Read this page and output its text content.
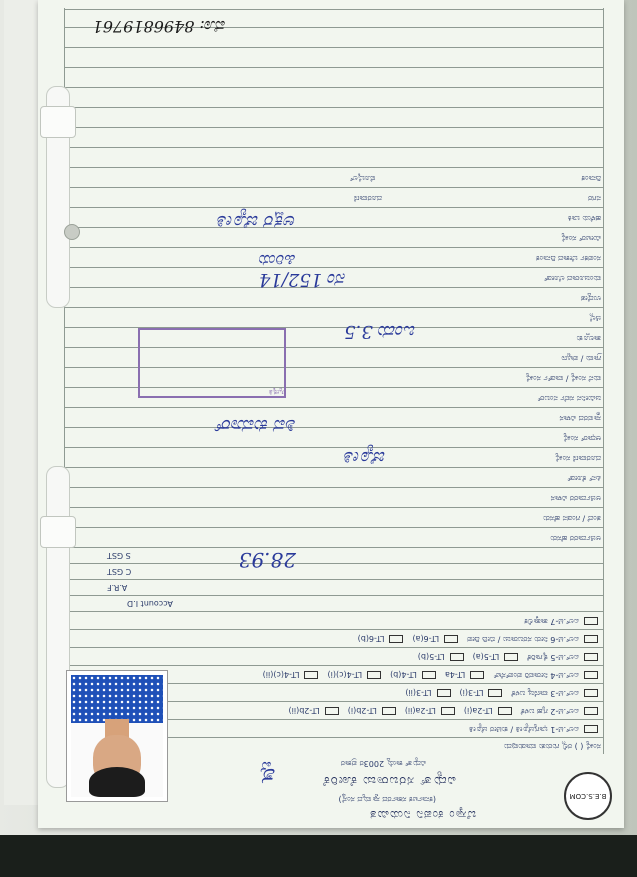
B.E.S.COM
ಬೆಸ್ಕಾಂ ಕಂಪನಿ ನಿಯಮಿತ
(ಕರ್ನಾಟಕ ಸರ್ಕಾರದ ಸ್ವಾಮ್ಯದ ಸಂಸ್ಥೆ)
ವಿದ್ಯುತ್ ಸರಬರಾಜು ಕೋರಿಕೆ
ವಿದ್ಯುತ್ ಕಾಯ್ದೆ 2003ರ ಪ್ರಕಾರ
ಶ್ವ
ಸಂಖ್ಯೆ ( ) ರಲ್ಲಿ ಗುರುತು ಮಾಡುವುದು
ಎಲ್.ಟಿ-1 ಭಾಗ್ಯಜ್ಯೋತಿ / ಕುಟೀರ ಜ್ಯೋತಿ
ಎಲ್.ಟಿ-2 ಗೃಹ ಬಳಕೆ
LT-2a(i)
LT-2a(ii)
LT-2b(i)
LT-2b(ii)
ಎಲ್.ಟಿ-3 ವಾಣಿಜ್ಯ ಬಳಕೆ
LT-3(i)
LT-3(ii)
ಎಲ್.ಟಿ-4 ನೀರಾವರಿ ಪಂಪ್‌ಸೆಟ್
LT-4a
LT-4(b)
LT-4(c)(i)
LT-4(c)(ii)
ಎಲ್.ಟಿ-5 ಕೈಗಾರಿಕೆ
LT-5(a)
LT-5(b)
ಎಲ್.ಟಿ-6 ನೀರು ಸರಬರಾಜು / ಬೀದಿ ದೀಪ
LT-6(a)
LT-6(b)
ಎಲ್.ಟಿ-7 ತಾತ್ಕಾಲಿಕ
Account I.D
A.R.F
C GST
S GST
ಅರ್ಜಿದಾರರ ಹೆಸರು
ತಂದೆ / ಗಂಡನ ಹೆಸರು
ಅರ್ಜಿದಾರರ ವಿಳಾಸ
ಪಿನ್ ಕೋಡ್
ದೂರವಾಣಿ ಸಂಖ್ಯೆ
ಆಧಾರ್ ಸಂಖ್ಯೆ
ಸ್ಥಾವರದ ವಿಳಾಸ
ಜಮೀನಿನ ಸರ್ವೆ ನಂಬರ್
ಮನೆ ಸಂಖ್ಯೆ / ವಾರ್ಡ್ ಸಂಖ್ಯೆ
ಗ್ರಾಮ / ಪಟ್ಟಣ
ತಾಲ್ಲೂಕು
ಜಿಲ್ಲೆ
ಉದ್ದೇಶ
ಮಂಜೂರಾದ ಲೋಡ್
ಸಂಪರ್ಕ ಬೇಕಾದ ದಿನಾಂಕ
ಮೀಟರ್ ಸಂಖ್ಯೆ
ಹಳೆಯ ಬಾಕಿ
ನಗರ
ದೂರವಾಣಿ
ದಿನಾಂಕ
ಮೊಬೈಲ್
28.93
ಜ್ಯೋತಿ
ಶಿವ ಕುಮಾರ್
ಒಂದು 3.5
ನಂ 152/14
ಹಿರಿಯ
ಅಕ್ಷರ ಜ್ಯೋತಿ
ಮೊ: 8496819761
ಸ್ವೀಕೃತಿ
